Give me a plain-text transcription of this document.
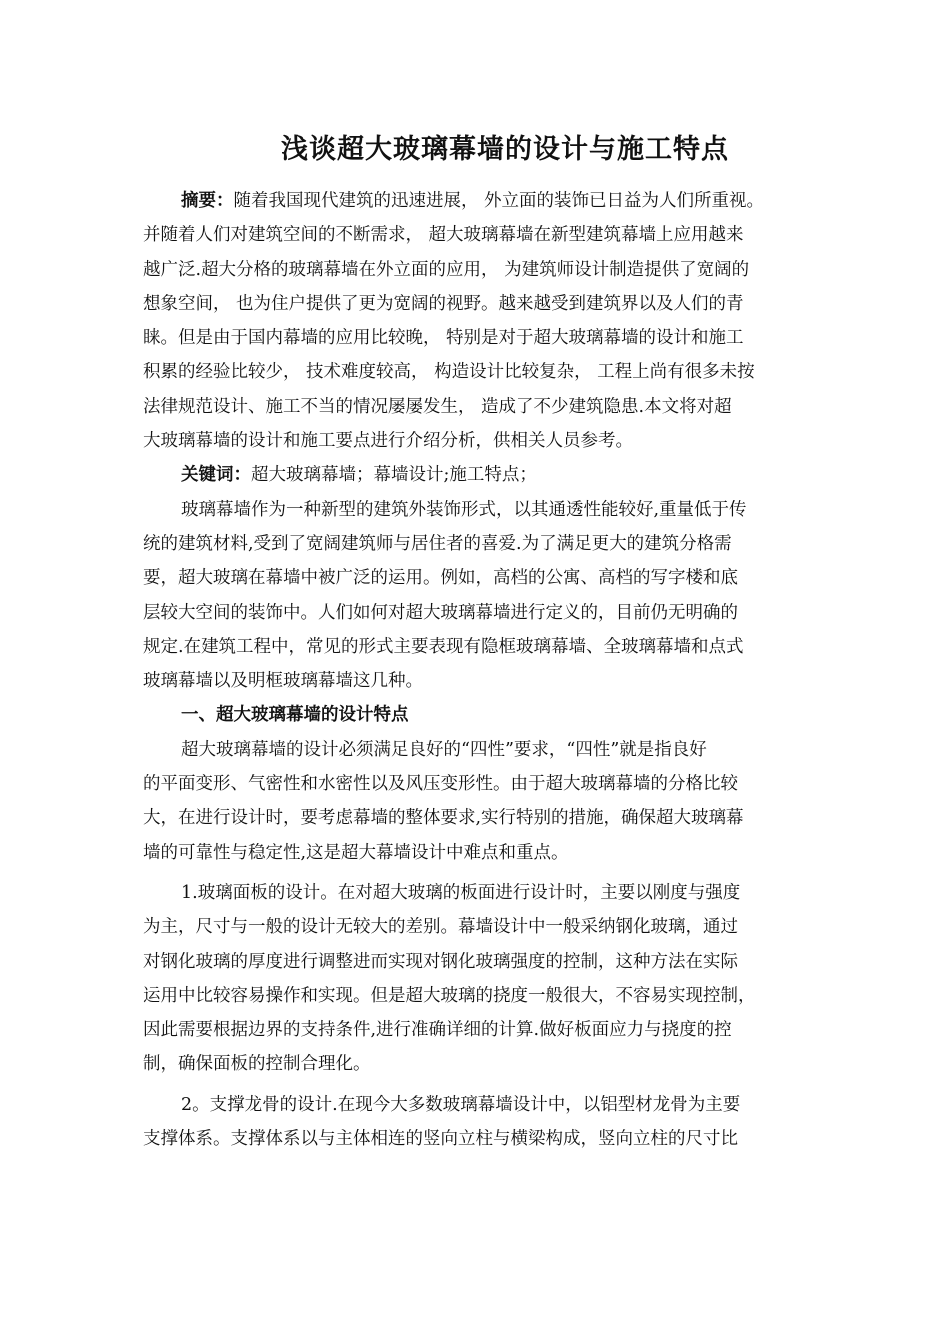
浅谈超大玻璃幕墙的设计与施工特点

摘要：随着我国现代建筑的迅速进展， 外立面的装饰已日益为人们所重视。

并随着人们对建筑空间的不断需求， 超大玻璃幕墙在新型建筑幕墙上应用越来

越广泛.超大分格的玻璃幕墙在外立面的应用， 为建筑师设计制造提供了宽阔的

想象空间， 也为住户提供了更为宽阔的视野。越来越受到建筑界以及人们的青

睐。但是由于国内幕墙的应用比较晚， 特别是对于超大玻璃幕墙的设计和施工

积累的经验比较少， 技术难度较高， 构造设计比较复杂， 工程上尚有很多未按

法律规范设计、施工不当的情况屡屡发生， 造成了不少建筑隐患.本文将对超

大玻璃幕墙的设计和施工要点进行介绍分析，供相关人员参考。

关键词：超大玻璃幕墙；幕墙设计;施工特点；

玻璃幕墙作为一种新型的建筑外装饰形式，以其通透性能较好,重量低于传

统的建筑材料,受到了宽阔建筑师与居住者的喜爱.为了满足更大的建筑分格需

要，超大玻璃在幕墙中被广泛的运用。例如，高档的公寓、高档的写字楼和底

层较大空间的装饰中。人们如何对超大玻璃幕墙进行定义的，目前仍无明确的

规定.在建筑工程中，常见的形式主要表现有隐框玻璃幕墙、全玻璃幕墙和点式

玻璃幕墙以及明框玻璃幕墙这几种。

一、超大玻璃幕墙的设计特点

超大玻璃幕墙的设计必须满足良好的“四性”要求，“四性”就是指良好

的平面变形、气密性和水密性以及风压变形性。由于超大玻璃幕墙的分格比较

大，在进行设计时，要考虑幕墙的整体要求,实行特别的措施，确保超大玻璃幕

墙的可靠性与稳定性,这是超大幕墙设计中难点和重点。

1.玻璃面板的设计。在对超大玻璃的板面进行设计时，主要以刚度与强度

为主，尺寸与一般的设计无较大的差别。幕墙设计中一般采纳钢化玻璃，通过

对钢化玻璃的厚度进行调整进而实现对钢化玻璃强度的控制，这种方法在实际

运用中比较容易操作和实现。但是超大玻璃的挠度一般很大，不容易实现控制，

因此需要根据边界的支持条件,进行准确详细的计算.做好板面应力与挠度的控

制，确保面板的控制合理化。

2。支撑龙骨的设计.在现今大多数玻璃幕墙设计中，以铝型材龙骨为主要

支撑体系。支撑体系以与主体相连的竖向立柱与横梁构成，竖向立柱的尺寸比
